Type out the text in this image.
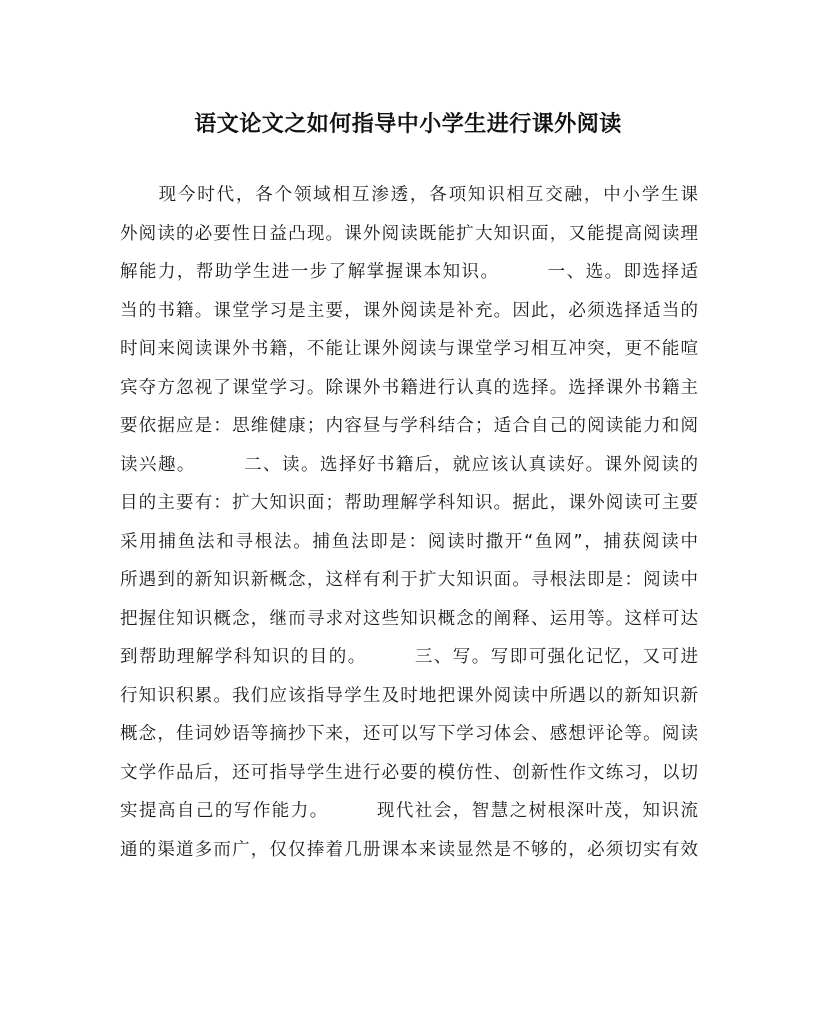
语文论文之如何指导中小学生进行课外阅读
　　现今时代，各个领域相互渗透，各项知识相互交融，中小学生课
外阅读的必要性日益凸现。课外阅读既能扩大知识面，又能提高阅读理
解能力，帮助学生进一步了解掌握课本知识。　　　一、选。即选择适
当的书籍。课堂学习是主要，课外阅读是补充。因此，必须选择适当的
时间来阅读课外书籍，不能让课外阅读与课堂学习相互冲突，更不能喧
宾夺方忽视了课堂学习。除课外书籍进行认真的选择。选择课外书籍主
要依据应是：思维健康；内容昼与学科结合；适合自己的阅读能力和阅
读兴趣。　　　二、读。选择好书籍后，就应该认真读好。课外阅读的
目的主要有：扩大知识面；帮助理解学科知识。据此，课外阅读可主要
采用捕鱼法和寻根法。捕鱼法即是：阅读时撒开“鱼网”，捕获阅读中
所遇到的新知识新概念，这样有利于扩大知识面。寻根法即是：阅读中
把握住知识概念，继而寻求对这些知识概念的阐释、运用等。这样可达
到帮助理解学科知识的目的。　　　三、写。写即可强化记忆，又可进
行知识积累。我们应该指导学生及时地把课外阅读中所遇以的新知识新
概念，佳词妙语等摘抄下来，还可以写下学习体会、感想评论等。阅读
文学作品后，还可指导学生进行必要的模仿性、创新性作文练习，以切
实提高自己的写作能力。　　　现代社会，智慧之树根深叶茂，知识流
通的渠道多而广，仅仅捧着几册课本来读显然是不够的，必须切实有效
